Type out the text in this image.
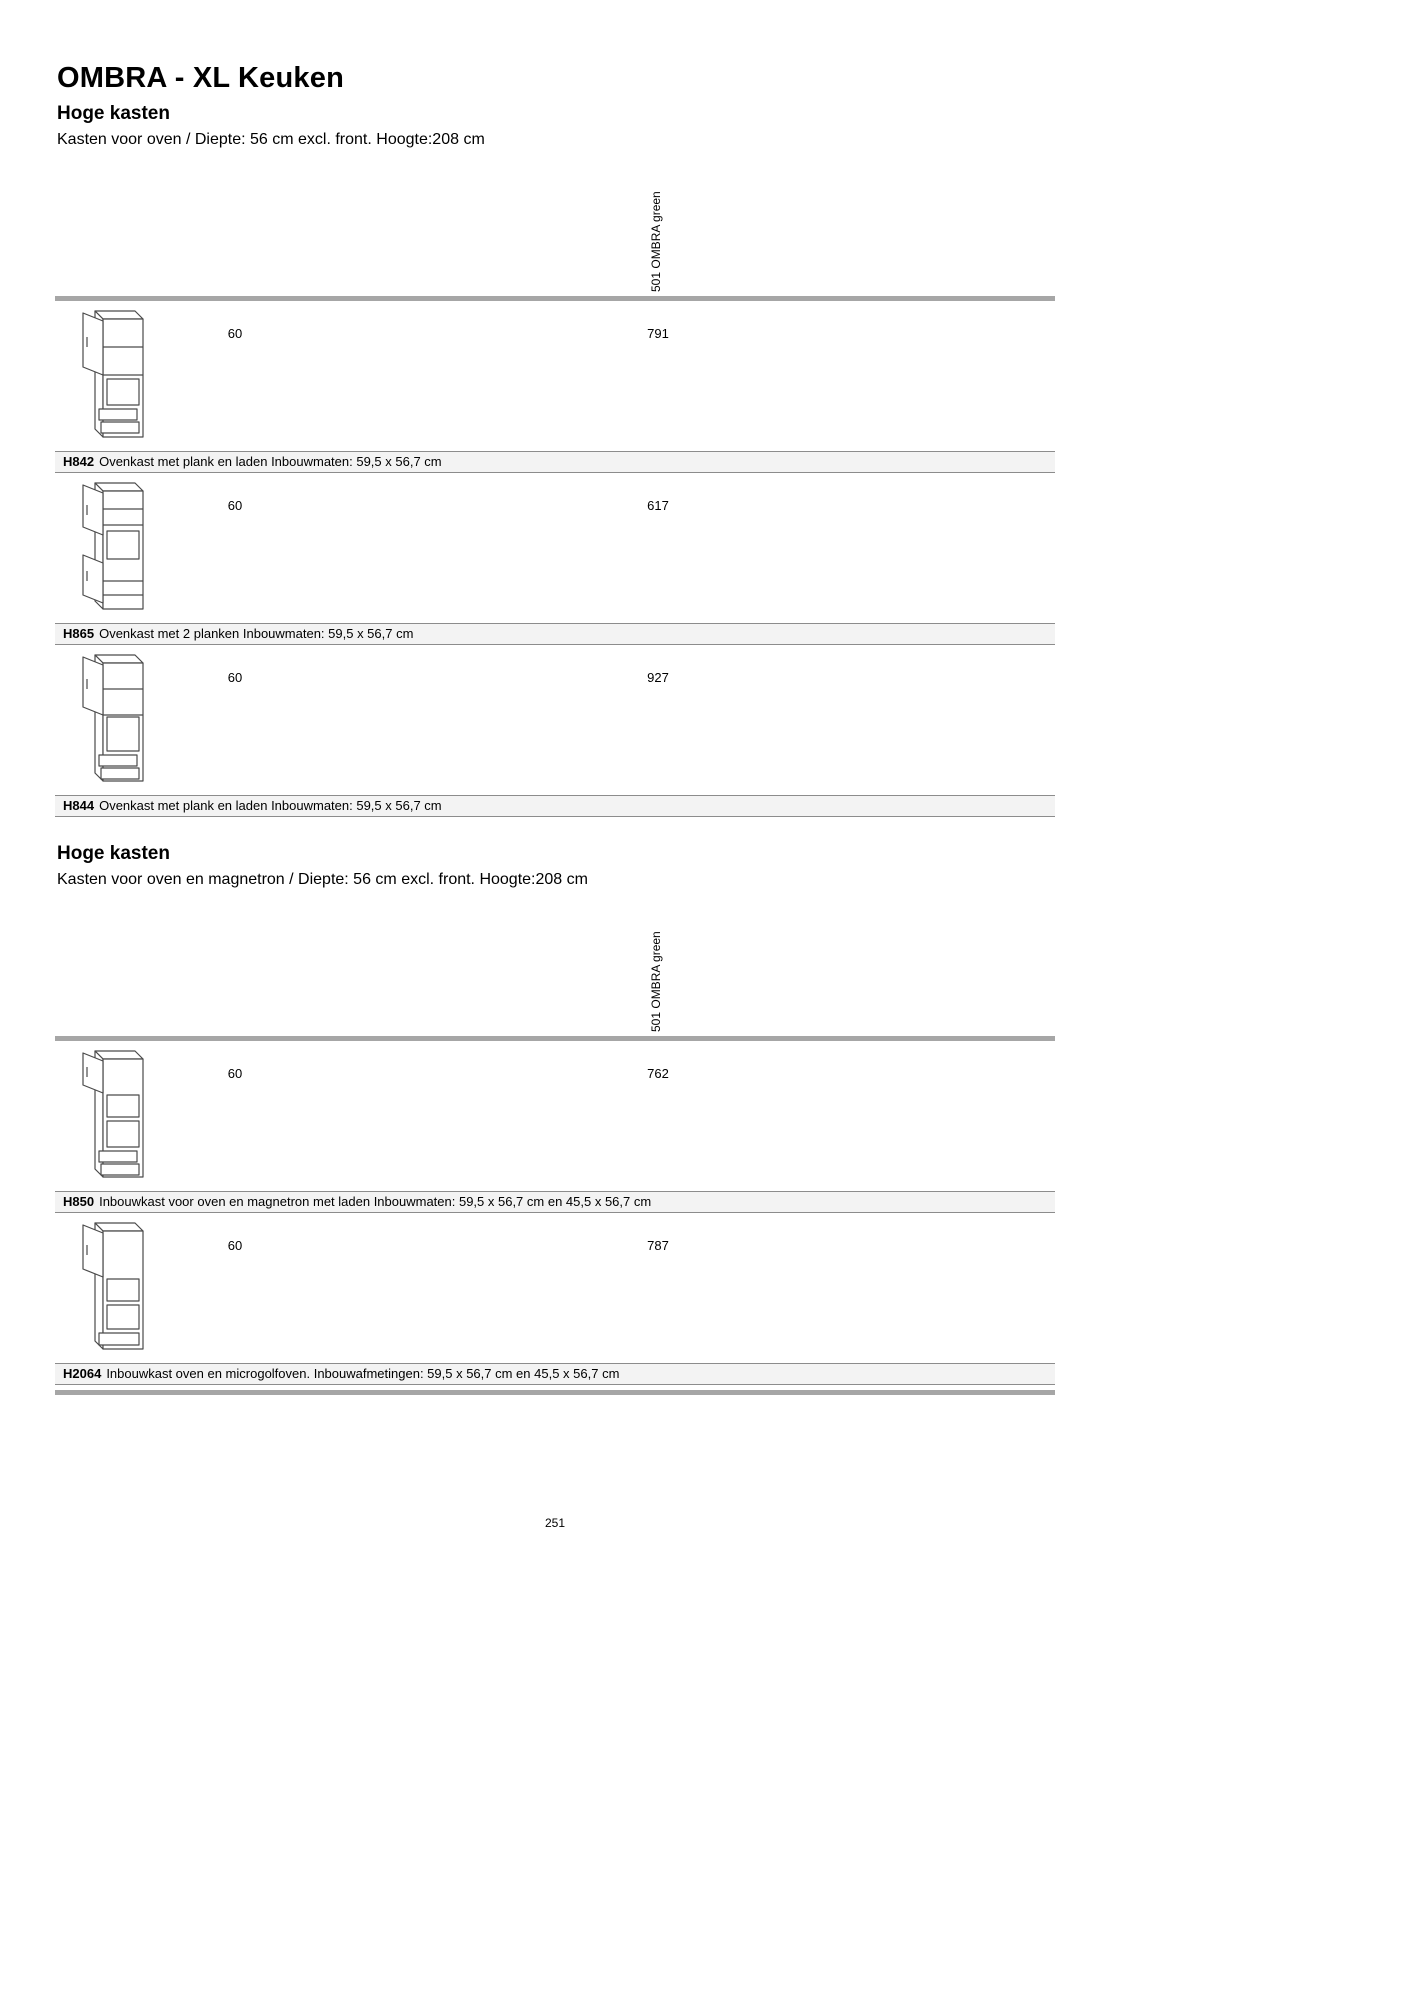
OMBRA - XL Keuken
Hoge kasten
Kasten voor oven / Diepte: 56 cm excl. front. Hoogte:208 cm
501 OMBRA green
60	791
H842 Ovenkast met plank en laden Inbouwmaten: 59,5 x 56,7 cm
60	617
H865 Ovenkast met 2 planken Inbouwmaten: 59,5 x 56,7 cm
60	927
H844 Ovenkast met plank en laden Inbouwmaten: 59,5 x 56,7 cm
Hoge kasten
Kasten voor oven en magnetron / Diepte: 56 cm excl. front. Hoogte:208 cm
501 OMBRA green
60	762
H850 Inbouwkast voor oven en magnetron met laden Inbouwmaten: 59,5 x 56,7 cm en 45,5 x 56,7 cm
60	787
H2064 Inbouwkast oven en microgolfoven. Inbouwafmetingen: 59,5 x 56,7 cm en 45,5 x 56,7 cm
251
